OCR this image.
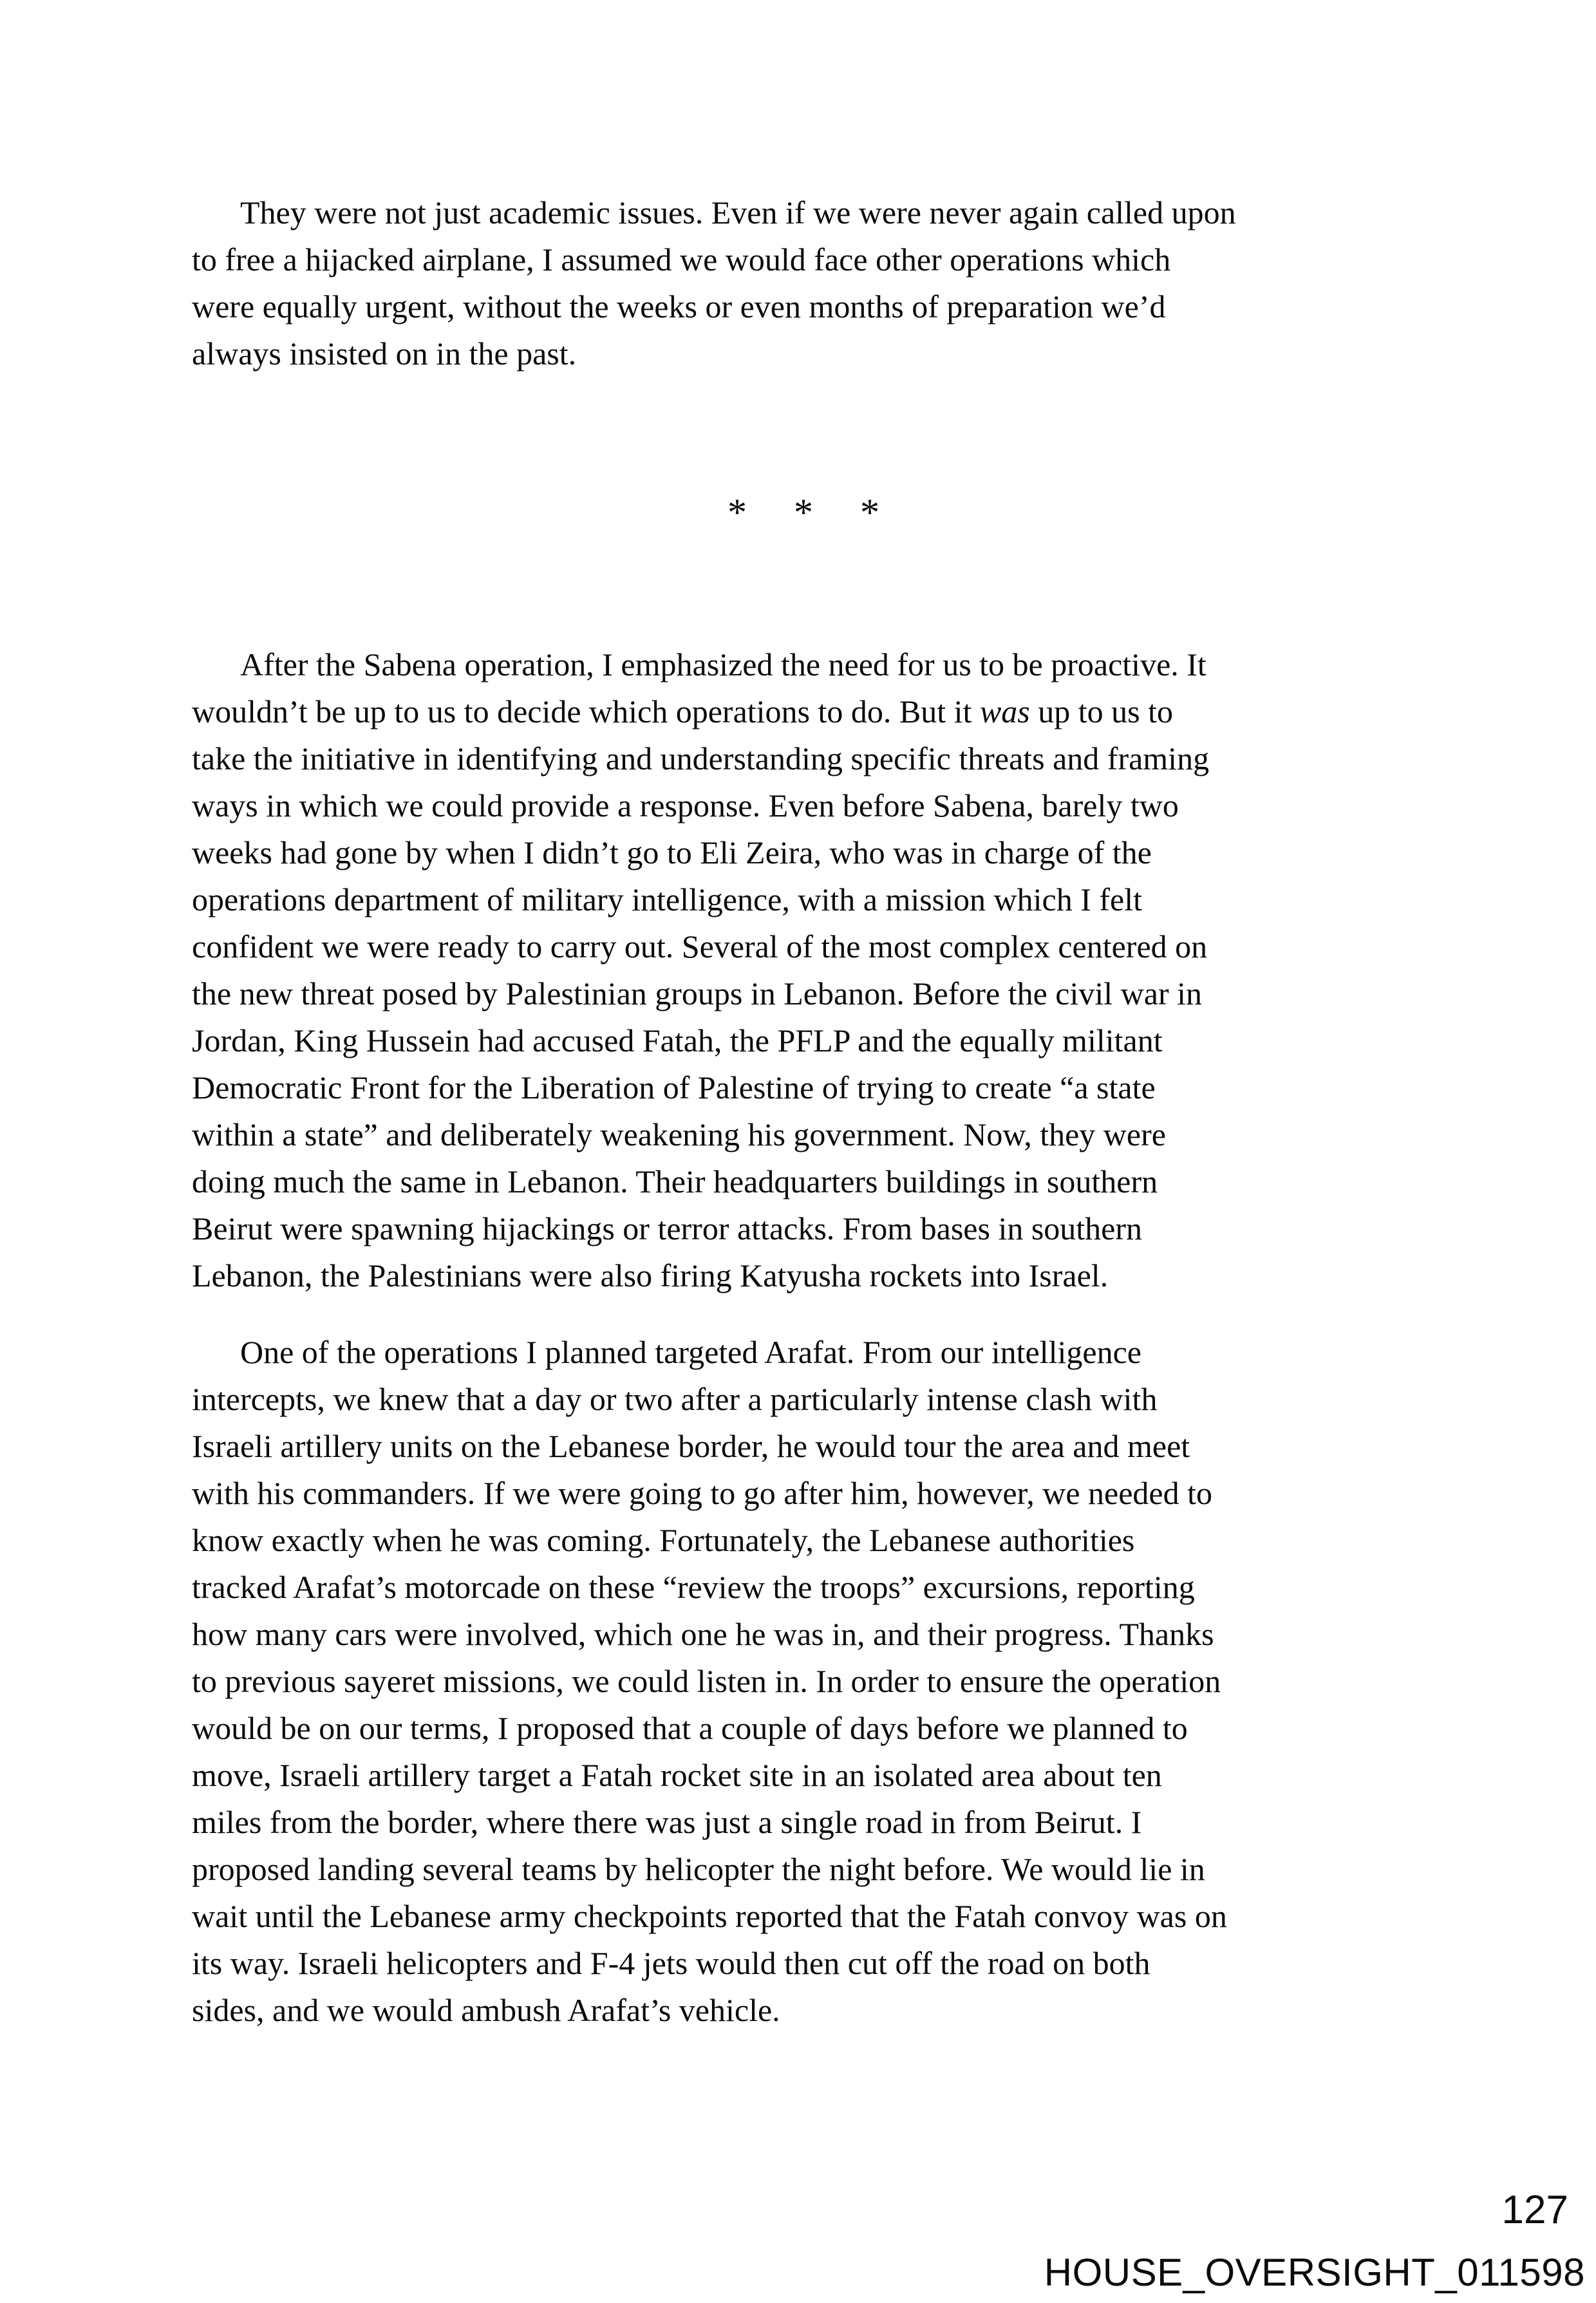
They were not just academic issues. Even if we were never again called upon
to free a hijacked airplane, I assumed we would face other operations which
were equally urgent, without the weeks or even months of preparation we’d
always insisted on in the past.
* * *
After the Sabena operation, I emphasized the need for us to be proactive. It
wouldn’t be up to us to decide which operations to do. But it was up to us to
take the initiative in identifying and understanding specific threats and framing
ways in which we could provide a response. Even before Sabena, barely two
weeks had gone by when I didn’t go to Eli Zeira, who was in charge of the
operations department of military intelligence, with a mission which I felt
confident we were ready to carry out. Several of the most complex centered on
the new threat posed by Palestinian groups in Lebanon. Before the civil war in
Jordan, King Hussein had accused Fatah, the PFLP and the equally militant
Democratic Front for the Liberation of Palestine of trying to create “a state
within a state” and deliberately weakening his government. Now, they were
doing much the same in Lebanon. Their headquarters buildings in southern
Beirut were spawning hijackings or terror attacks. From bases in southern
Lebanon, the Palestinians were also firing Katyusha rockets into Israel.
One of the operations I planned targeted Arafat. From our intelligence
intercepts, we knew that a day or two after a particularly intense clash with
Israeli artillery units on the Lebanese border, he would tour the area and meet
with his commanders. If we were going to go after him, however, we needed to
know exactly when he was coming. Fortunately, the Lebanese authorities
tracked Arafat’s motorcade on these “review the troops” excursions, reporting
how many cars were involved, which one he was in, and their progress. Thanks
to previous sayeret missions, we could listen in. In order to ensure the operation
would be on our terms, I proposed that a couple of days before we planned to
move, Israeli artillery target a Fatah rocket site in an isolated area about ten
miles from the border, where there was just a single road in from Beirut. I
proposed landing several teams by helicopter the night before. We would lie in
wait until the Lebanese army checkpoints reported that the Fatah convoy was on
its way. Israeli helicopters and F-4 jets would then cut off the road on both
sides, and we would ambush Arafat’s vehicle.
127
HOUSE_OVERSIGHT_011598
